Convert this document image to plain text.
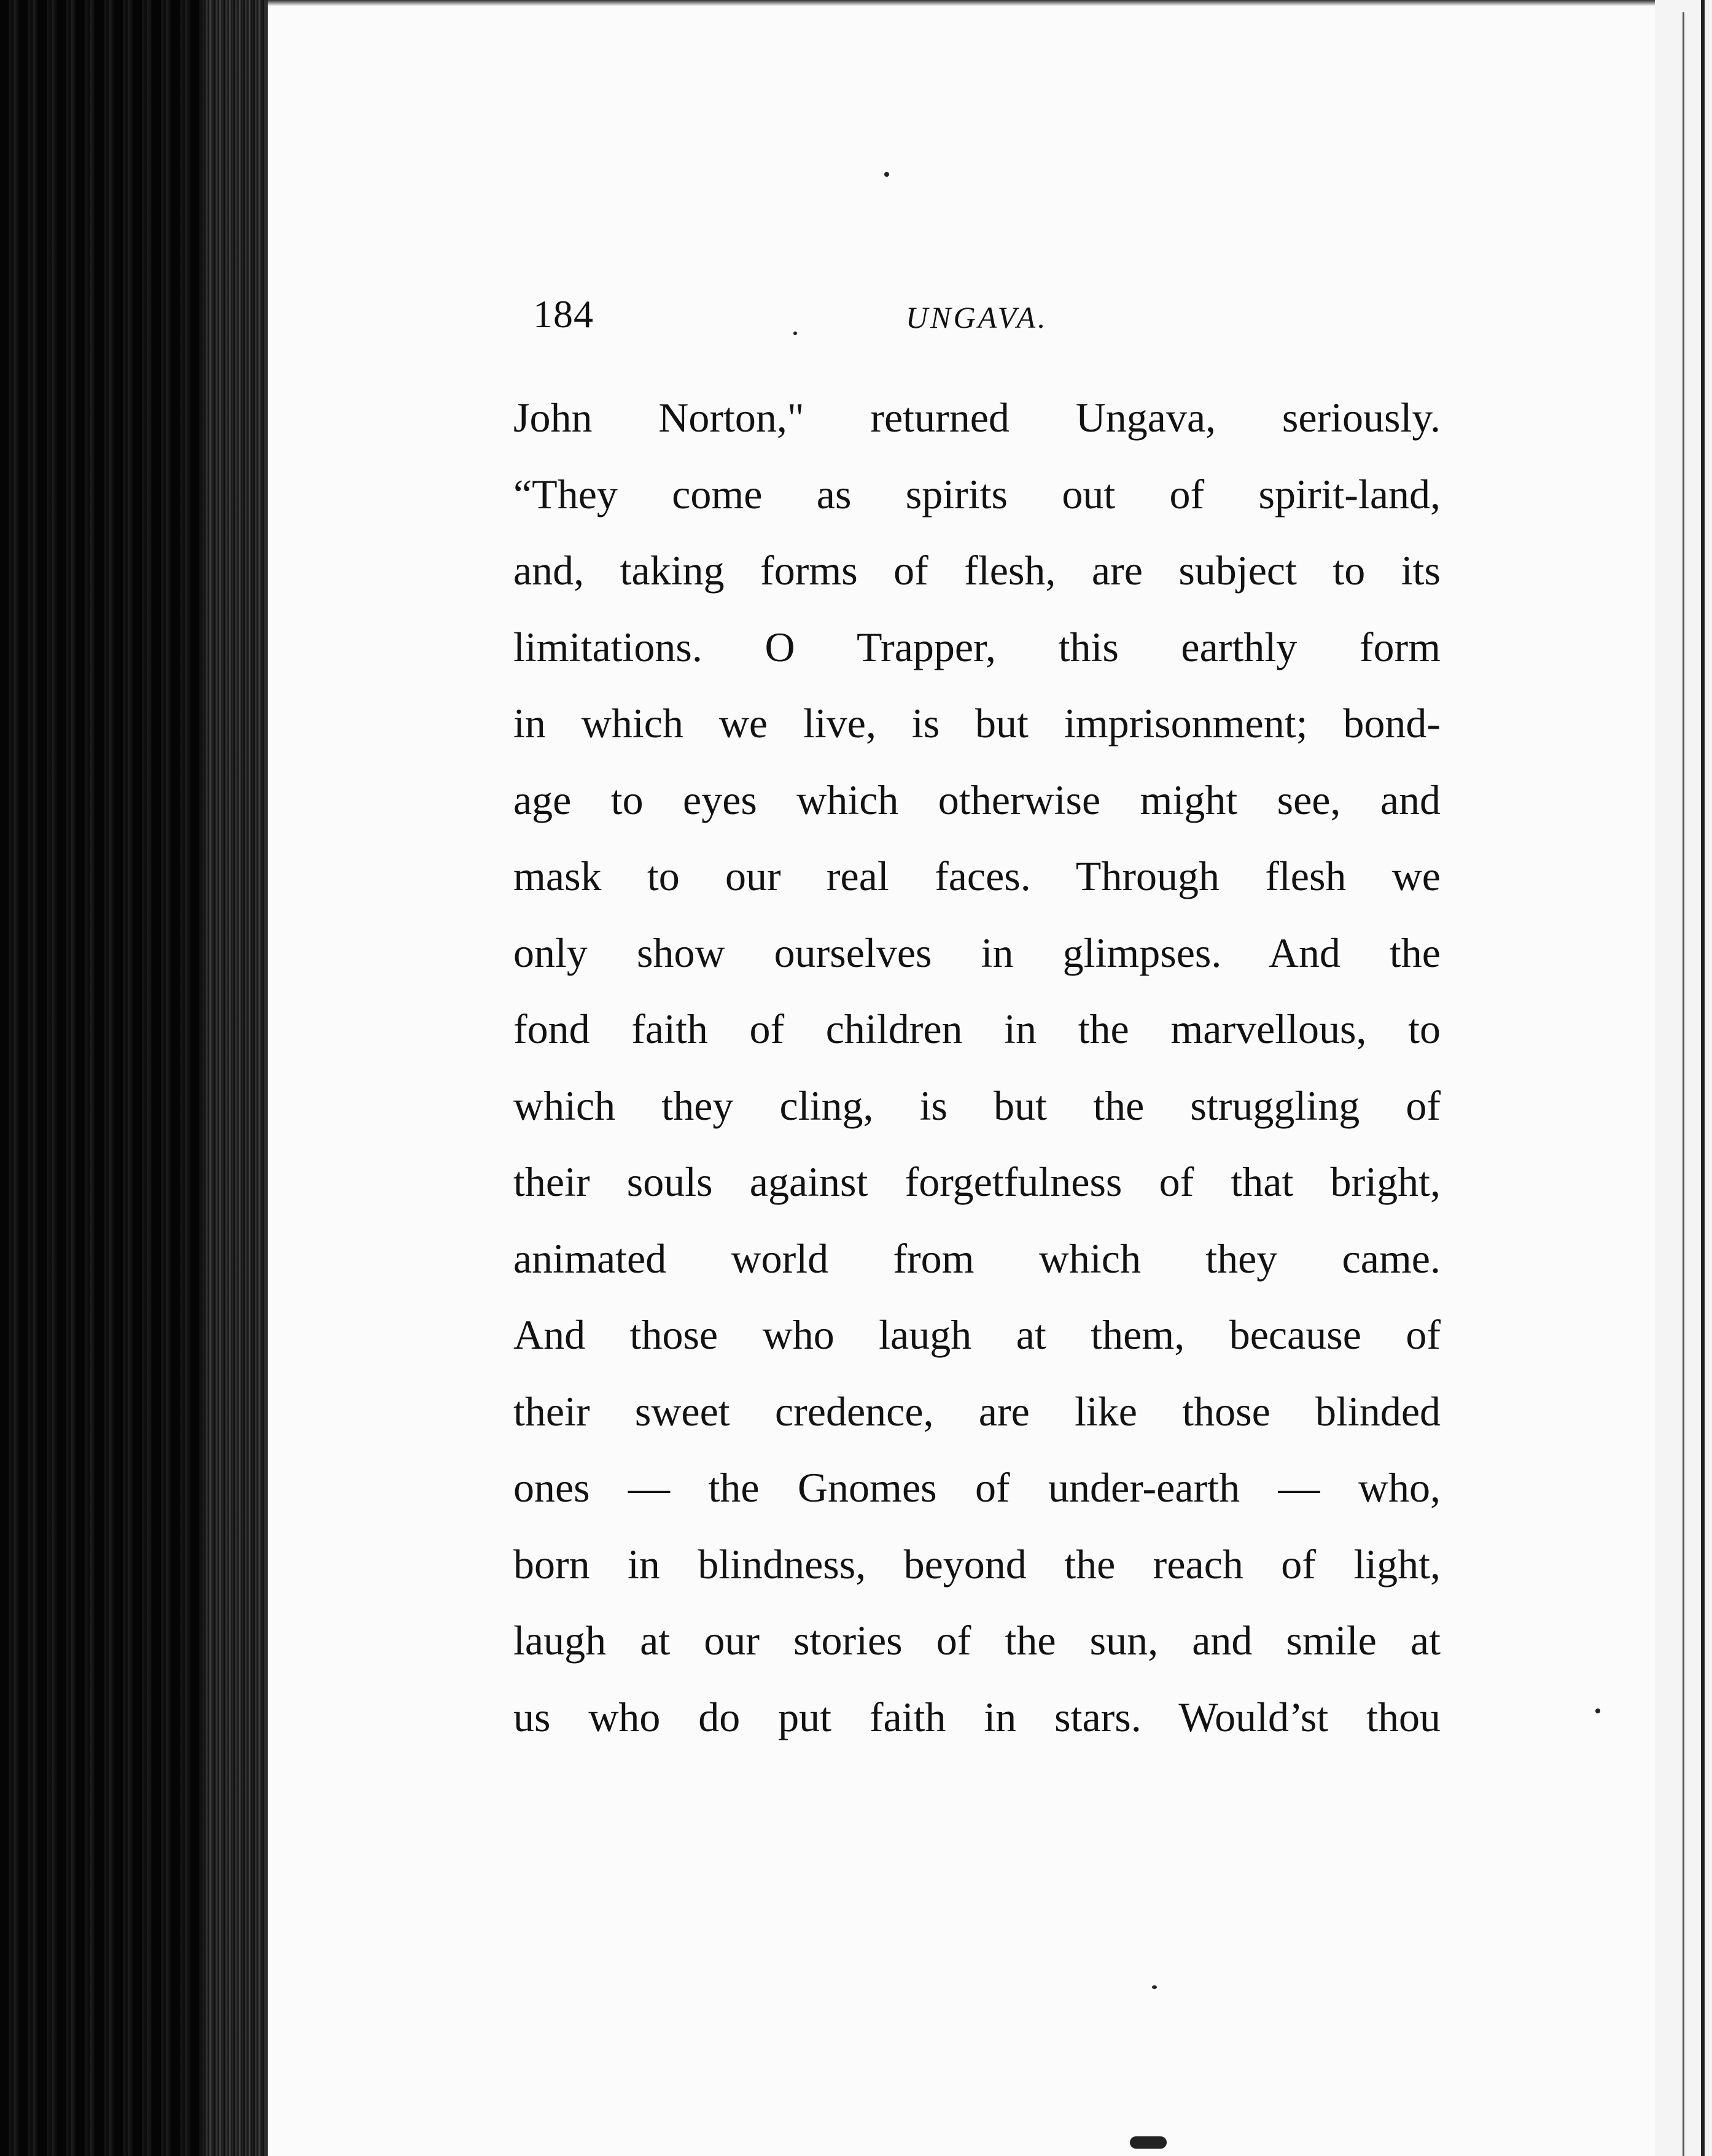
184	UNGAVA.
John Norton," returned Ungava, seriously.
“They come as spirits out of spirit-land,
and, taking forms of flesh, are subject to its
limitations. O Trapper, this earthly form
in which we live, is but imprisonment; bond-
age to eyes which otherwise might see, and
mask to our real faces. Through flesh we
only show ourselves in glimpses. And the
fond faith of children in the marvellous, to
which they cling, is but the struggling of
their souls against forgetfulness of that bright,
animated world from which they came.
And those who laugh at them, because of
their sweet credence, are like those blinded
ones — the Gnomes of under-earth — who,
born in blindness, beyond the reach of light,
laugh at our stories of the sun, and smile at
us who do put faith in stars. Would’st thou
